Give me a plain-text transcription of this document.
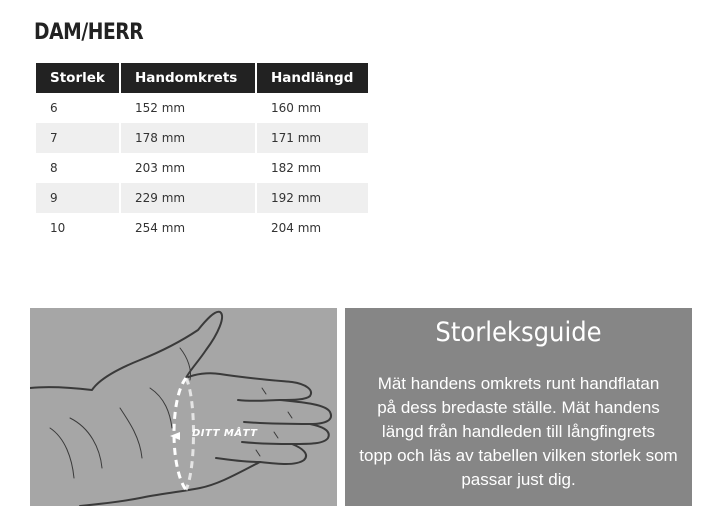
DAM/HERR
Storlek	Handomkrets	Handlängd
6	152 mm	160 mm
7	178 mm	171 mm
8	203 mm	182 mm
9	229 mm	192 mm
10	254 mm	204 mm
DITT MÅTT
Storleksguide
Mät handens omkrets runt handflatan
på dess bredaste ställe. Mät handens
längd från handleden till långfingrets
topp och läs av tabellen vilken storlek som
passar just dig.
